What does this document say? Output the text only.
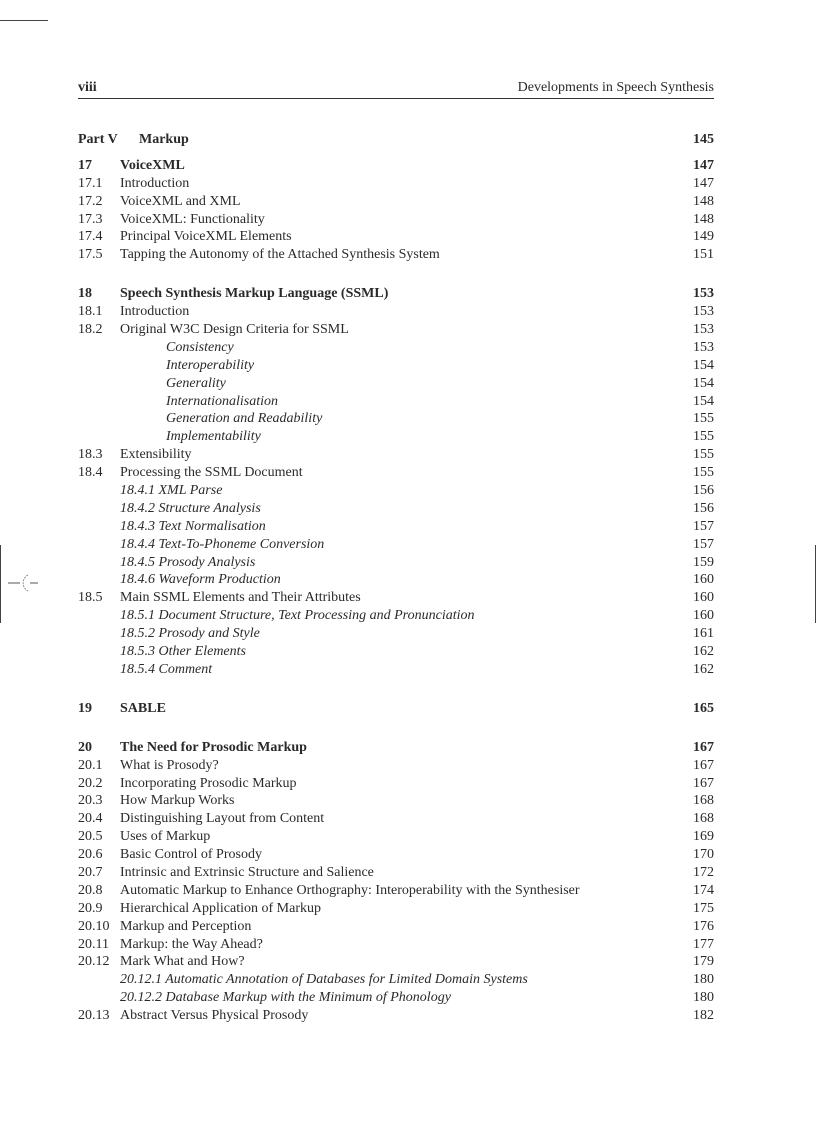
viii	Developments in Speech Synthesis
Part V Markup	145
17 VoiceXML	147
17.1 Introduction	147
17.2 VoiceXML and XML	148
17.3 VoiceXML: Functionality	148
17.4 Principal VoiceXML Elements	149
17.5 Tapping the Autonomy of the Attached Synthesis System	151
18 Speech Synthesis Markup Language (SSML)	153
18.1 Introduction	153
18.2 Original W3C Design Criteria for SSML	153
Consistency	153
Interoperability	154
Generality	154
Internationalisation	154
Generation and Readability	155
Implementability	155
18.3 Extensibility	155
18.4 Processing the SSML Document	155
18.4.1 XML Parse	156
18.4.2 Structure Analysis	156
18.4.3 Text Normalisation	157
18.4.4 Text-To-Phoneme Conversion	157
18.4.5 Prosody Analysis	159
18.4.6 Waveform Production	160
18.5 Main SSML Elements and Their Attributes	160
18.5.1 Document Structure, Text Processing and Pronunciation	160
18.5.2 Prosody and Style	161
18.5.3 Other Elements	162
18.5.4 Comment	162
19 SABLE	165
20 The Need for Prosodic Markup	167
20.1 What is Prosody?	167
20.2 Incorporating Prosodic Markup	167
20.3 How Markup Works	168
20.4 Distinguishing Layout from Content	168
20.5 Uses of Markup	169
20.6 Basic Control of Prosody	170
20.7 Intrinsic and Extrinsic Structure and Salience	172
20.8 Automatic Markup to Enhance Orthography: Interoperability with the Synthesiser	174
20.9 Hierarchical Application of Markup	175
20.10 Markup and Perception	176
20.11 Markup: the Way Ahead?	177
20.12 Mark What and How?	179
20.12.1 Automatic Annotation of Databases for Limited Domain Systems	180
20.12.2 Database Markup with the Minimum of Phonology	180
20.13 Abstract Versus Physical Prosody	182
